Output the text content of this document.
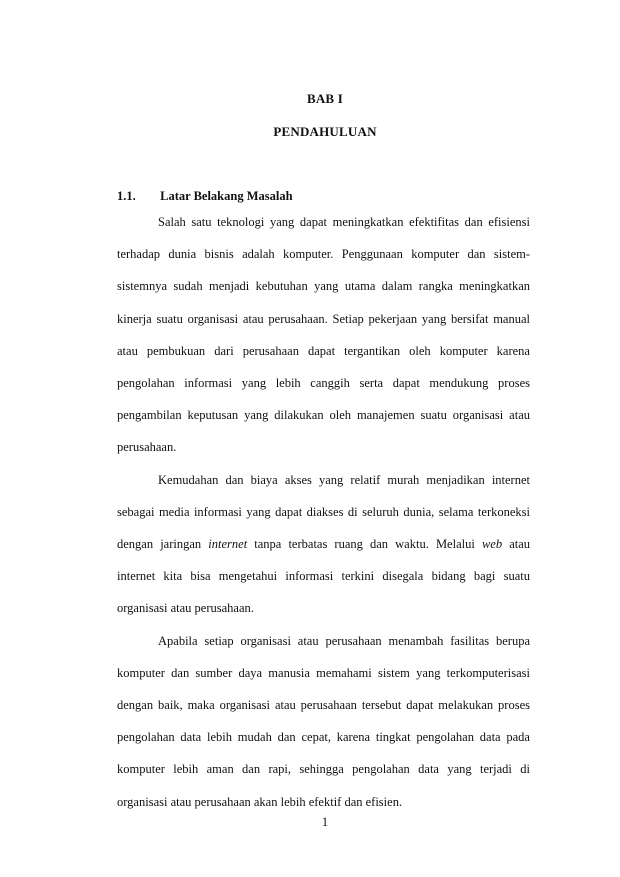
BAB I
PENDAHULUAN
1.1. Latar Belakang Masalah

Salah satu teknologi yang dapat meningkatkan efektifitas dan efisiensi terhadap dunia bisnis adalah komputer. Penggunaan komputer dan sistem-sistemnya sudah menjadi kebutuhan yang utama dalam rangka meningkatkan kinerja suatu organisasi atau perusahaan. Setiap pekerjaan yang bersifat manual atau pembukuan dari perusahaan dapat tergantikan oleh komputer karena pengolahan informasi yang lebih canggih serta dapat mendukung proses pengambilan keputusan yang dilakukan oleh manajemen suatu organisasi atau perusahaan.

Kemudahan dan biaya akses yang relatif murah menjadikan internet sebagai media informasi yang dapat diakses di seluruh dunia, selama terkoneksi dengan jaringan internet tanpa terbatas ruang dan waktu. Melalui web atau internet kita bisa mengetahui informasi terkini disegala bidang bagi suatu organisasi atau perusahaan.

Apabila setiap organisasi atau perusahaan menambah fasilitas berupa komputer dan sumber daya manusia memahami sistem yang terkomputerisasi dengan baik, maka organisasi atau perusahaan tersebut dapat melakukan proses pengolahan data lebih mudah dan cepat, karena tingkat pengolahan data pada komputer lebih aman dan rapi, sehingga pengolahan data yang terjadi di organisasi atau perusahaan akan lebih efektif dan efisien.

1
